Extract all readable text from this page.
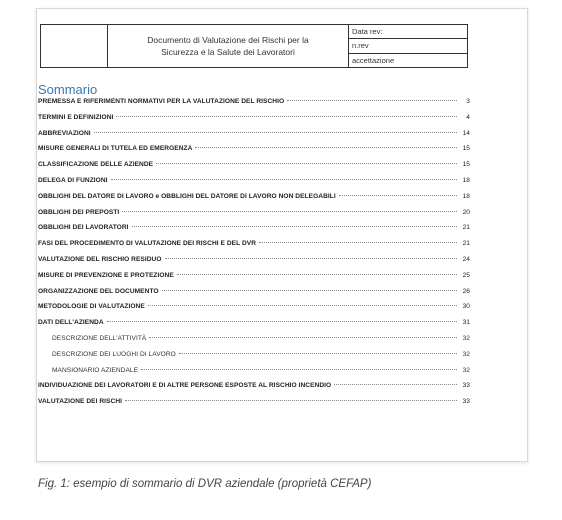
Documento di Valutazione dei Rischi per la
Sicurezza e la Salute dei Lavoratori
Data rev:
n.rev
accettazione
Sommario
PREMESSA E RIFERIMENTI NORMATIVI PER LA VALUTAZIONE DEL RISCHIO	3
TERMINI E DEFINIZIONI	4
ABBREVIAZIONI	14
MISURE GENERALI DI TUTELA ED EMERGENZA	15
CLASSIFICAZIONE DELLE AZIENDE	15
DELEGA DI FUNZIONI	18
OBBLIGHI DEL DATORE DI LAVORO e OBBLIGHI DEL DATORE DI LAVORO NON DELEGABILI	18
OBBLIGHI DEI PREPOSTI	20
OBBLIGHI DEI LAVORATORI	21
FASI DEL PROCEDIMENTO DI VALUTAZIONE DEI RISCHI E DEL DVR	21
VALUTAZIONE DEL RISCHIO RESIDUO	24
MISURE DI PREVENZIONE E PROTEZIONE	25
ORGANIZZAZIONE DEL DOCUMENTO	26
METODOLOGIE DI VALUTAZIONE	30
DATI DELL'AZIENDA	31
DESCRIZIONE DELL'ATTIVITÀ	32
DESCRIZIONE DEI LUOGHI DI LAVORO	32
MANSIONARIO AZIENDALE	32
INDIVIDUAZIONE DEI LAVORATORI E DI ALTRE PERSONE ESPOSTE AL RISCHIO INCENDIO	33
VALUTAZIONE DEI RISCHI	33
Fig. 1: esempio di sommario di DVR aziendale (proprietà CEFAP)
